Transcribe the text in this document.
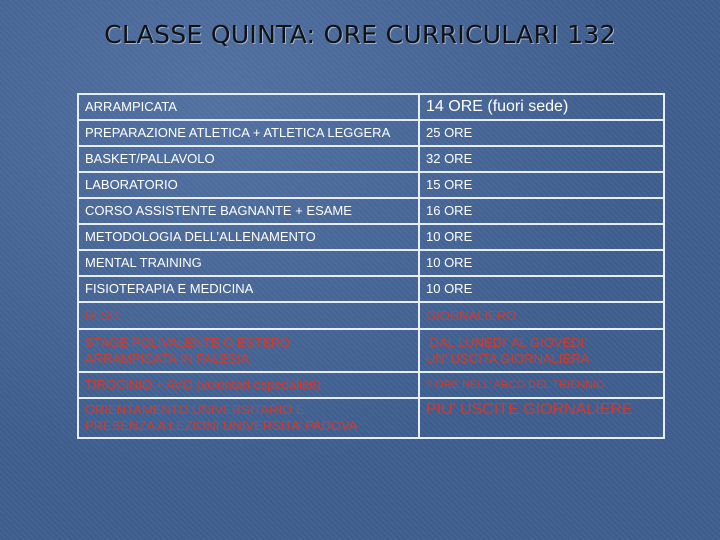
CLASSE QUINTA: ORE CURRICULARI 132
ARRAMPICATA	14 ORE (fuori sede)
PREPARAZIONE ATLETICA + ATLETICA LEGGERA	25 ORE
BASKET/PALLAVOLO	32 ORE
LABORATORIO	15 ORE
CORSO ASSISTENTE BAGNANTE + ESAME	16 ORE
METODOLOGIA DELL’ALLENAMENTO	10 ORE
MENTAL TRAINING	10 ORE
FISIOTERAPIA E MEDICINA	10 ORE
BLSD	GIORNALIERO

STAGE POLIVALENTE O ESTERO
ARRAMPICATA IN FALESIA	DAL LUNEDI’ AL GIOVEDI’
UN’ USCITA GIORNALIERA

TIROCINIO + AVO (volontari ospedalieri)	? ORE NELL’ ARCO DEL TRIENNIO

ORIENTAMENTO UNIVERSITARIO E
PRESENZA A LEZIONI UNIVERSITA’ PADOVA	PIU’ USCITE GIORNALIERE
